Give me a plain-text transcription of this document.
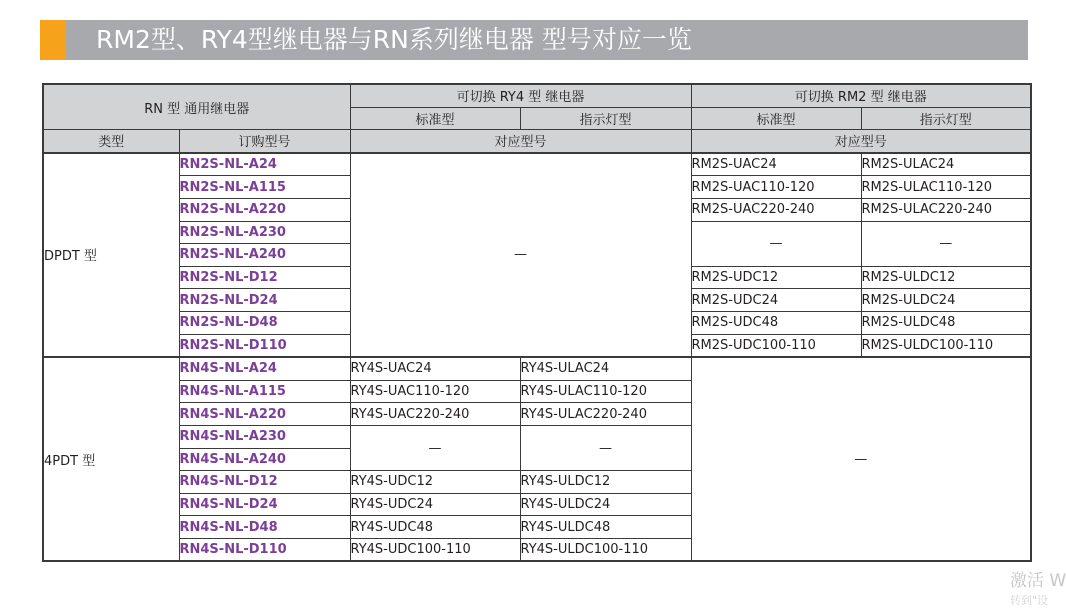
RM2型、RY4型继电器与RN系列继电器 型号对应一览
RN 型 通用继电器		可切换 RY4 型 继电器		可切换 RM2 型 继电器	
		标准型	指示灯型	标准型	指示灯型
类型	订购型号	对应型号		对应型号	
DPDT 型	RN2S-NL-A24	—		RM2S-UAC24	RM2S-ULAC24
	RN2S-NL-A115			RM2S-UAC110-120	RM2S-ULAC110-120
	RN2S-NL-A220			RM2S-UAC220-240	RM2S-ULAC220-240
	RN2S-NL-A230			—	—
	RN2S-NL-A240				
	RN2S-NL-D12			RM2S-UDC12	RM2S-ULDC12
	RN2S-NL-D24			RM2S-UDC24	RM2S-ULDC24
	RN2S-NL-D48			RM2S-UDC48	RM2S-ULDC48
	RN2S-NL-D110			RM2S-UDC100-110	RM2S-ULDC100-110
4PDT 型	RN4S-NL-A24	RY4S-UAC24	RY4S-ULAC24	—	
	RN4S-NL-A115	RY4S-UAC110-120	RY4S-ULAC110-120		
	RN4S-NL-A220	RY4S-UAC220-240	RY4S-ULAC220-240		
	RN4S-NL-A230	—	—		
	RN4S-NL-A240				
	RN4S-NL-D12	RY4S-UDC12	RY4S-ULDC12		
	RN4S-NL-D24	RY4S-UDC24	RY4S-ULDC24		
	RN4S-NL-D48	RY4S-UDC48	RY4S-ULDC48		
	RN4S-NL-D110	RY4S-UDC100-110	RY4S-ULDC100-110		
激活 W
转到"设
